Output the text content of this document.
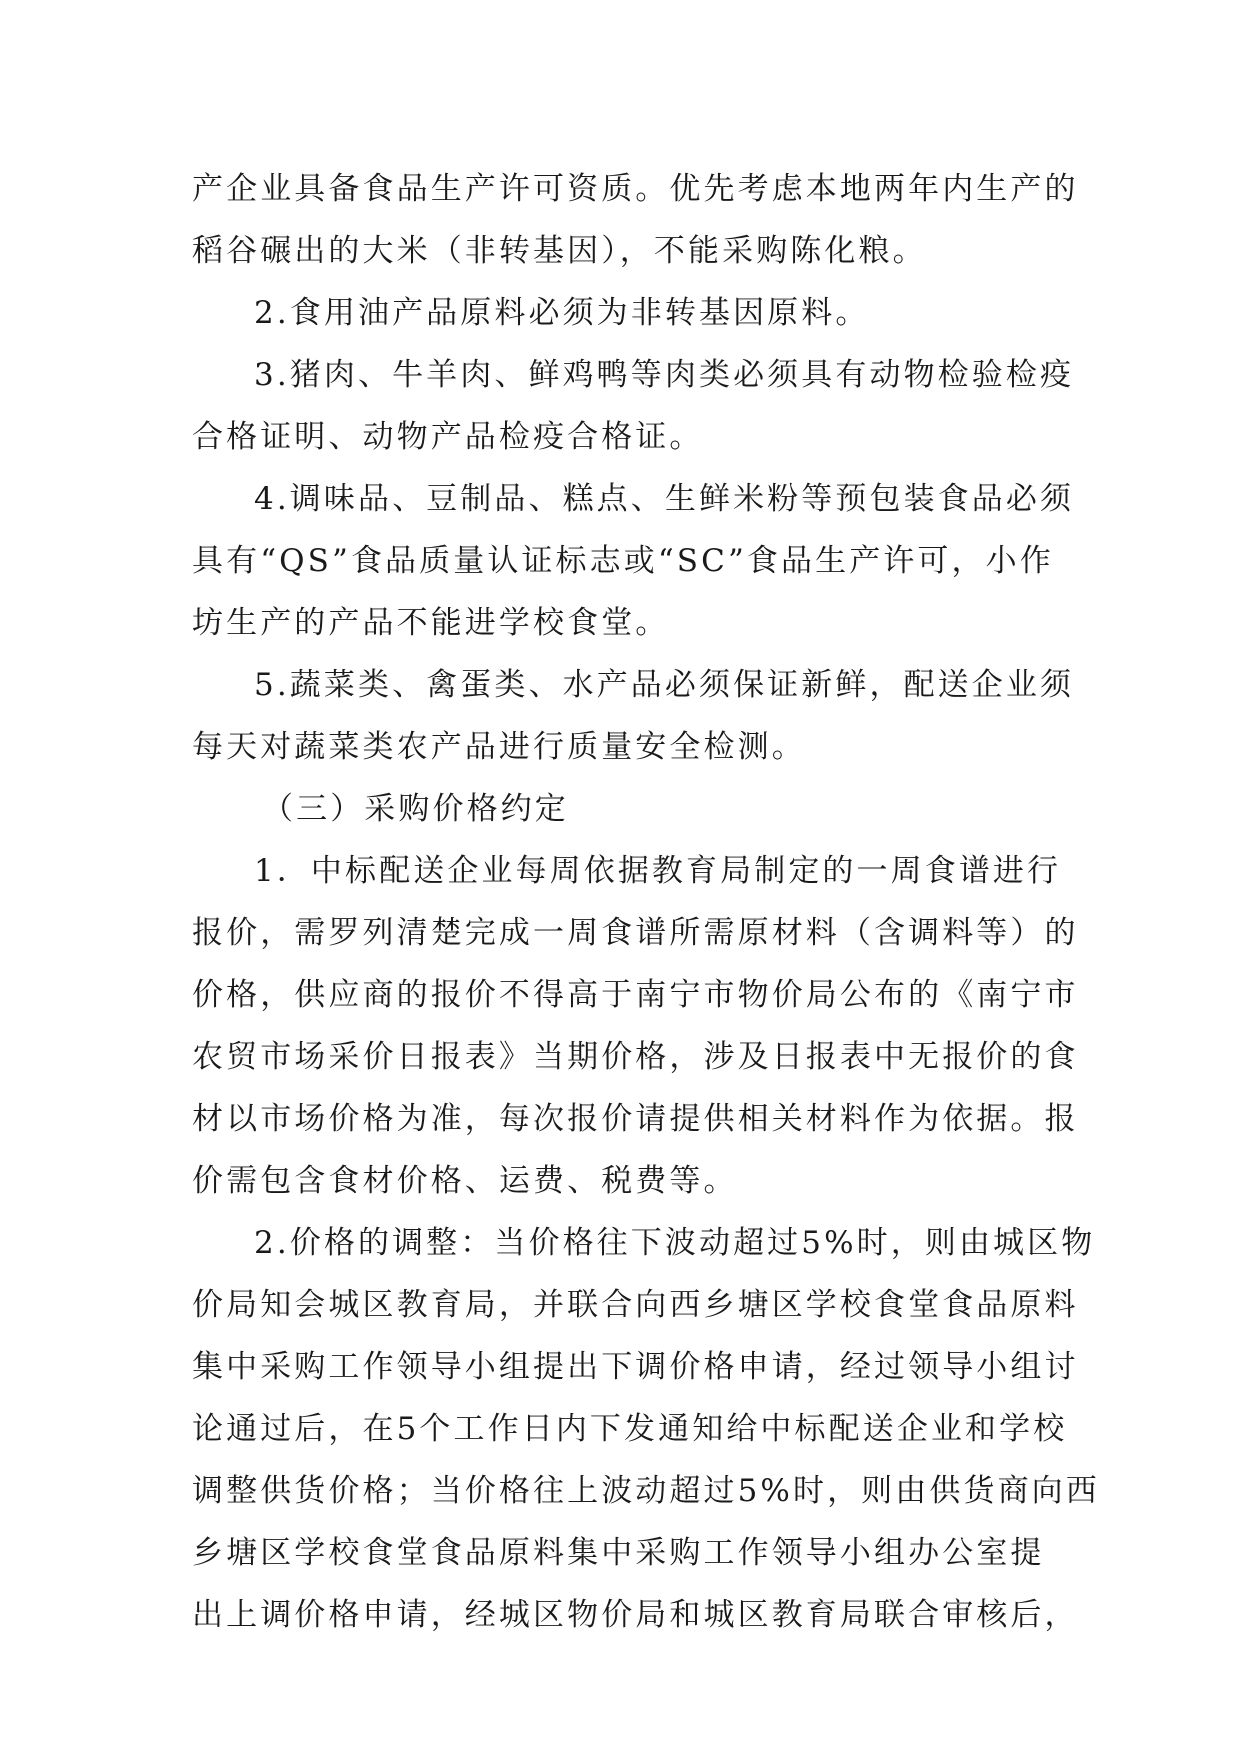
产企业具备食品生产许可资质。优先考虑本地两年内生产的
稻谷碾出的大米（非转基因），不能采购陈化粮。
2.食用油产品原料必须为非转基因原料。
3.猪肉、牛羊肉、鲜鸡鸭等肉类必须具有动物检验检疫
合格证明、动物产品检疫合格证。
4.调味品、豆制品、糕点、生鲜米粉等预包装食品必须
具有“QS”食品质量认证标志或“SC”食品生产许可，小作
坊生产的产品不能进学校食堂。
5.蔬菜类、禽蛋类、水产品必须保证新鲜，配送企业须
每天对蔬菜类农产品进行质量安全检测。
（三）采购价格约定
1．中标配送企业每周依据教育局制定的一周食谱进行
报价，需罗列清楚完成一周食谱所需原材料（含调料等）的
价格，供应商的报价不得高于南宁市物价局公布的《南宁市
农贸市场采价日报表》当期价格，涉及日报表中无报价的食
材以市场价格为准，每次报价请提供相关材料作为依据。报
价需包含食材价格、运费、税费等。
2.价格的调整：当价格往下波动超过5%时，则由城区物
价局知会城区教育局，并联合向西乡塘区学校食堂食品原料
集中采购工作领导小组提出下调价格申请，经过领导小组讨
论通过后，在5个工作日内下发通知给中标配送企业和学校
调整供货价格；当价格往上波动超过5%时，则由供货商向西
乡塘区学校食堂食品原料集中采购工作领导小组办公室提
出上调价格申请，经城区物价局和城区教育局联合审核后，
